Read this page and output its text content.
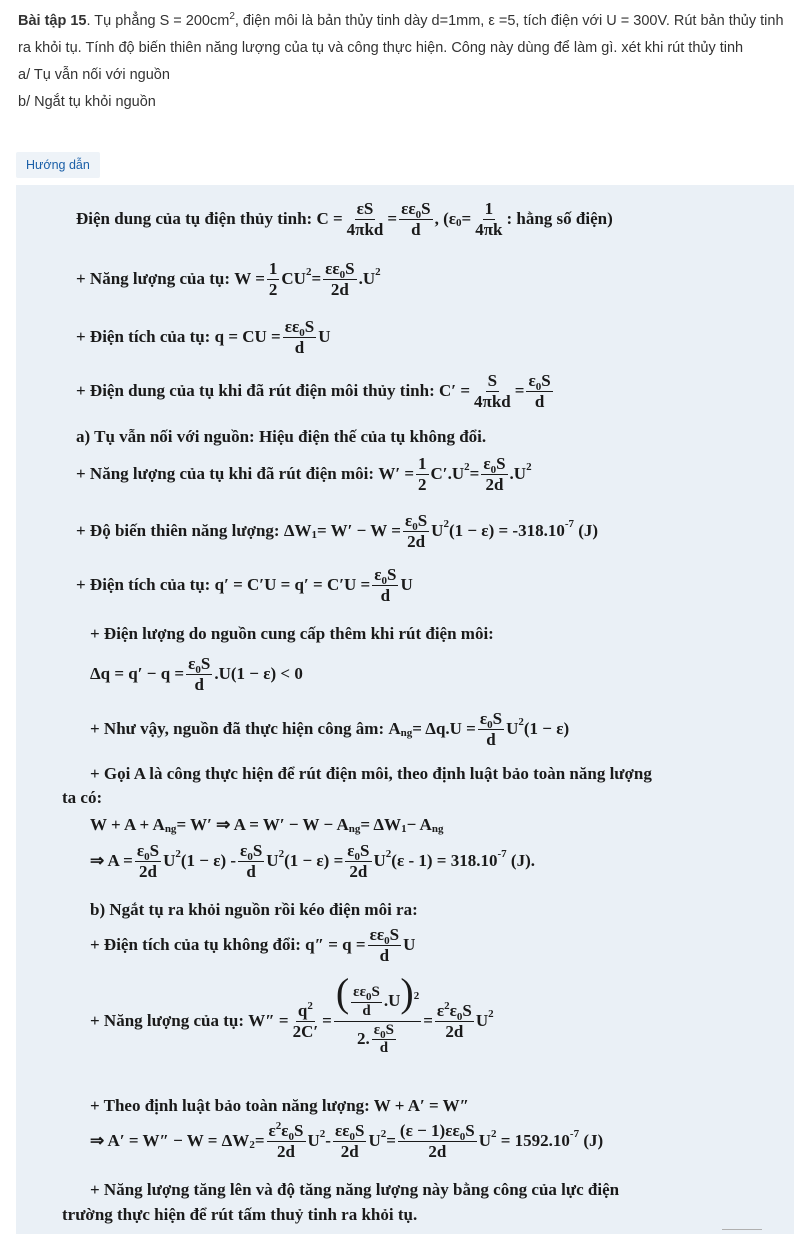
Bài tập 15. Tụ phẳng $S = 200cm^2$, điện môi là bản thủy tinh dày d=1mm, ε =5, tích điện với U = 300V. Rút bản thủy tinh ra khỏi tụ. Tính độ biến thiên năng lượng của tụ và công thực hiện. Công này dùng để làm gì. xét khi rút thủy tinh

a/ Tụ vẫn nối với nguồn

b/ Ngắt tụ khỏi nguồn

Hướng dẫn
Điện dung của tụ điện thủy tinh: $C = \frac{\varepsilon S}{\text{4πkd}} = \frac{\varepsilon\varepsilon_0S}{d}$ , (ε $0 = \frac{1}{4\pi k}$ : hằng số điện)
+ Năng lượng của tụ: $W = \frac{1}{2}$ CU $2 = \frac{\varepsilon\varepsilon_0S}{2d} .U$ 2
+ Điện tích của tụ: q = CU = $\frac{\varepsilon\varepsilon_0S}{d}$ U
+ Điện dung của tụ khi đã rút điện môi thủy tinh: $C' = \frac{S}{\text{4πkd}} = \frac{\varepsilon_0S}{d}$
a) Tụ vẫn nối với nguồn: Hiệu điện thế của tụ không đổi.
+ Năng lượng của tụ khi đã rút điện môi: $W' = \frac{1}{2} C'.U$ $2 = \frac{\varepsilon_0S}{2d} .U$ 2
+ Độ biến thiên năng lượng: ΔW $1 = W' - W = \frac{\varepsilon_0S}{2d}$ U 2 (1 − ε) = -318.10 -7
(J)
+ Điện tích của tụ: $q' = C'U = q' = C'U = \frac{\varepsilon_0S}{d}$ U
+ Điện lượng do nguồn cung cấp thêm khi rút điện môi:
$\Delta q = q' - q = \frac{\varepsilon_0S}{d} .U(1 - \varepsilon) < 0$
+ Như vậy, nguồn đã thực hiện công âm: A ng = $\Delta q.U = \frac{\varepsilon_0S}{d}$ U 2 (1 − ε)
+ Gọi A là công thực hiện để rút điện môi, theo định luật bảo toàn năng lượng
ta có:
W + A + A ng = W′ ⇒ A = W′ − W − A ng = ΔW 1 − A ng
⇒ $A = \frac{\varepsilon_0S}{2d}$ U 2 $(1 - \varepsilon) - \frac{\varepsilon_0S}{d}$ U 2 $(1 - \varepsilon) = \frac{\varepsilon_0S}{2d}$ U 2 (ε - 1) = 318.10 -7
(J).
b) Ngắt tụ ra khỏi nguồn rồi kéo điện môi ra:
+ Điện tích của tụ không đổi: $q'' = q = \frac{\varepsilon\varepsilon_0S}{d}$ U
+ Năng lượng của tụ: $W'' = \frac{q^2}{2C'} = \frac{( \frac{\varepsilon\varepsilon_0S}{d} .U)^2}{2. \frac{\varepsilon_0S}{d}} = \frac{\varepsilon^2\varepsilon_0S}{2d}$ U 2
+ Theo định luật bảo toàn năng lượng: W + A′ = W″
⇒ A′ = W″ − W = ΔW $2 = \frac{\varepsilon^2\varepsilon_0S}{2d}$ U $2 - \frac{\varepsilon\varepsilon_0S}{2d}$ U $2 = \frac{(\varepsilon - 1)\varepsilon\varepsilon_0S}{2d}$ U 2
= 1592.10 -7
(J)
+ Năng lượng tăng lên và độ tăng năng lượng này bằng công của lực điện
trường thực hiện để rút tấm thuỷ tinh ra khỏi tụ.
